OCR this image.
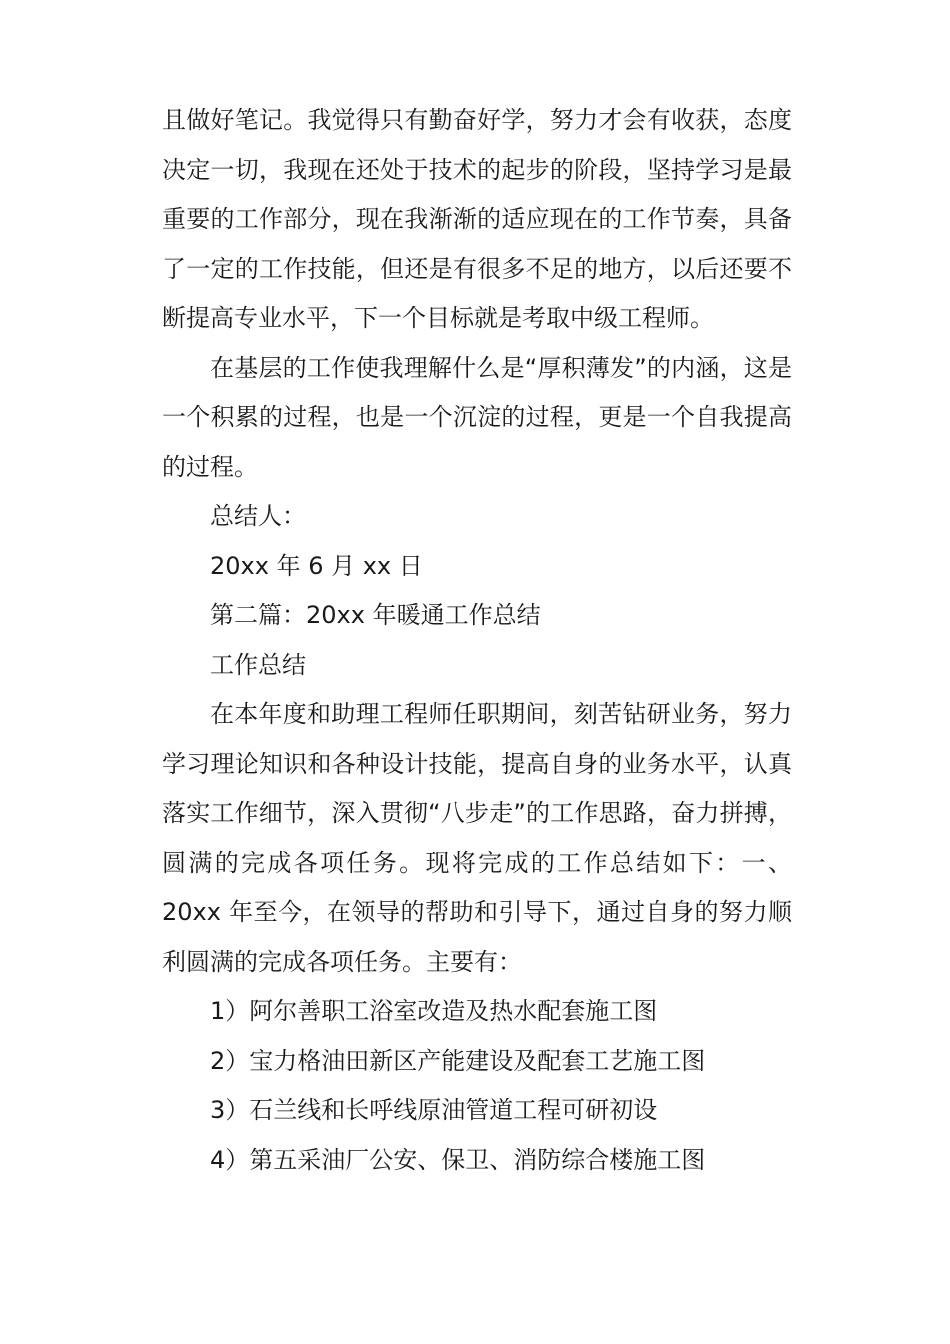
且做好笔记。我觉得只有勤奋好学，努力才会有收获，态度决定一切，我现在还处于技术的起步的阶段，坚持学习是最重要的工作部分，现在我渐渐的适应现在的工作节奏，具备了一定的工作技能，但还是有很多不足的地方，以后还要不断提高专业水平，下一个目标就是考取中级工程师。

在基层的工作使我理解什么是“厚积薄发”的内涵，这是一个积累的过程，也是一个沉淀的过程，更是一个自我提高的过程。

总结人：

20xx 年 6 月 xx 日

第二篇：20xx 年暖通工作总结

工作总结

在本年度和助理工程师任职期间，刻苦钻研业务，努力学习理论知识和各种设计技能，提高自身的业务水平，认真落实工作细节，深入贯彻“八步走”的工作思路，奋力拼搏，圆满的完成各项任务。现将完成的工作总结如下：一、 20xx 年至今，在领导的帮助和引导下，通过自身的努力顺利圆满的完成各项任务。主要有：

1）阿尔善职工浴室改造及热水配套施工图

2）宝力格油田新区产能建设及配套工艺施工图

3）石兰线和长呼线原油管道工程可研初设

4）第五采油厂公安、保卫、消防综合楼施工图
